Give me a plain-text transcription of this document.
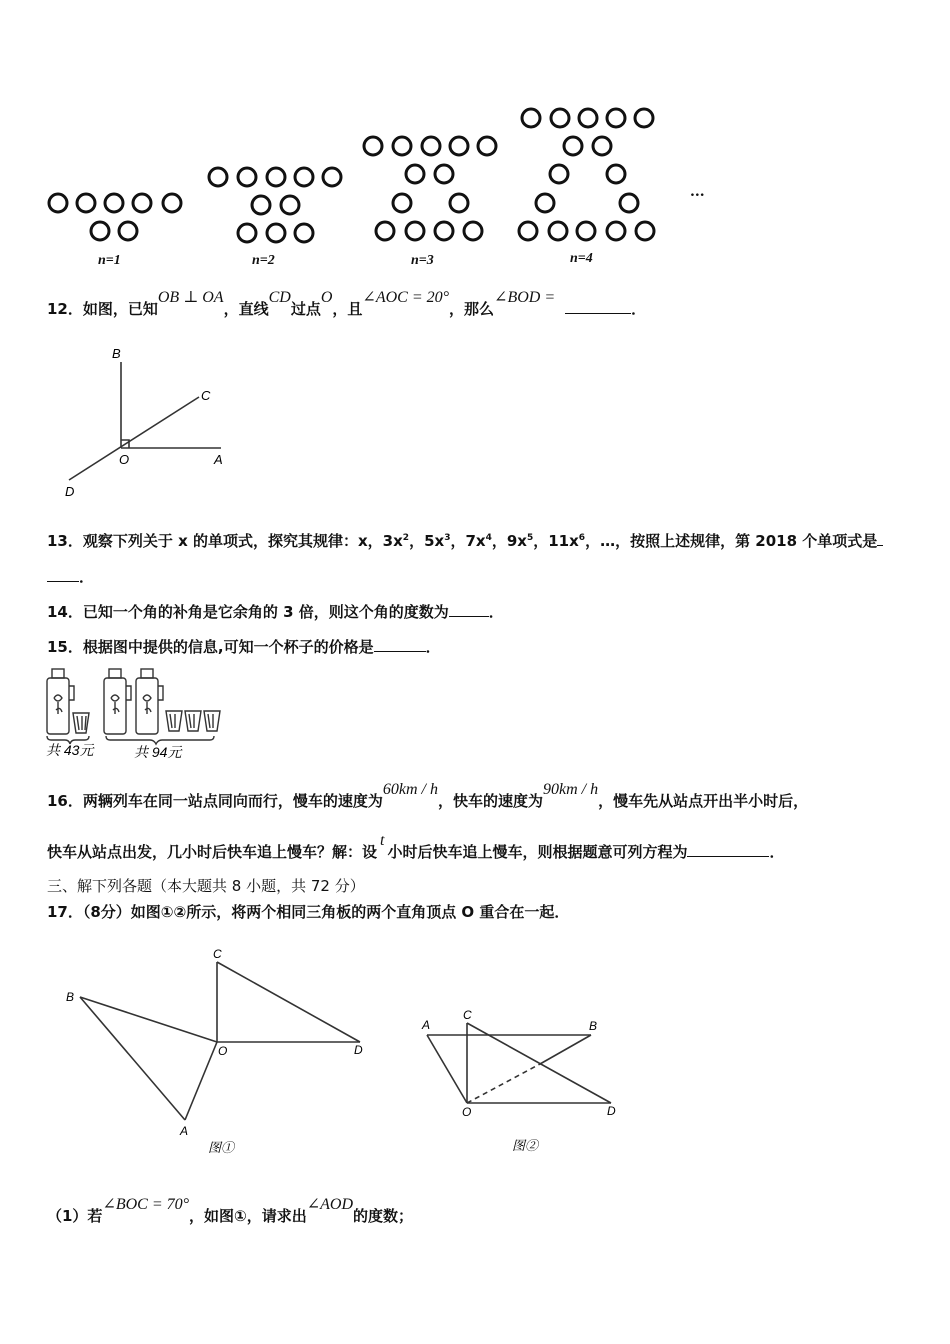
...
n=1	n=2	n=3	n=4
12．如图，已知OB ⊥ OA，直线CD过点O，且∠AOC = 20°，那么∠BOD =．
B
C
O	A
D
13．观察下列关于 x 的单项式，探究其规律：x，$3x^2$，$5x^3$，$7x^4$，$9x^5$，$11x^6$，…，按照上述规律，第 2018 个单项式是
．
14．已知一个角的补角是它余角的 3 倍，则这个角的度数为	．
15．根据图中提供的信息,可知一个杯子的价格是	．
共 43元	共 94元
16．两辆列车在同一站点同向而行，慢车的速度为60km / h，快车的速度为90km / h，慢车先从站点开出半小时后，
快车从站点出发，几小时后快车追上慢车？解：设t小时后快车追上慢车，则根据题意可列方程为	．
三、解下列各题（本大题共 8 小题，共 72 分）
17．（8分）如图①②所示，将两个相同三角板的两个直角顶点 O 重合在一起．
B
C
O	D
A
图①
A
C
B
O	D
图②
（1）若∠BOC = 70°，如图①，请求出∠AOD的度数；
